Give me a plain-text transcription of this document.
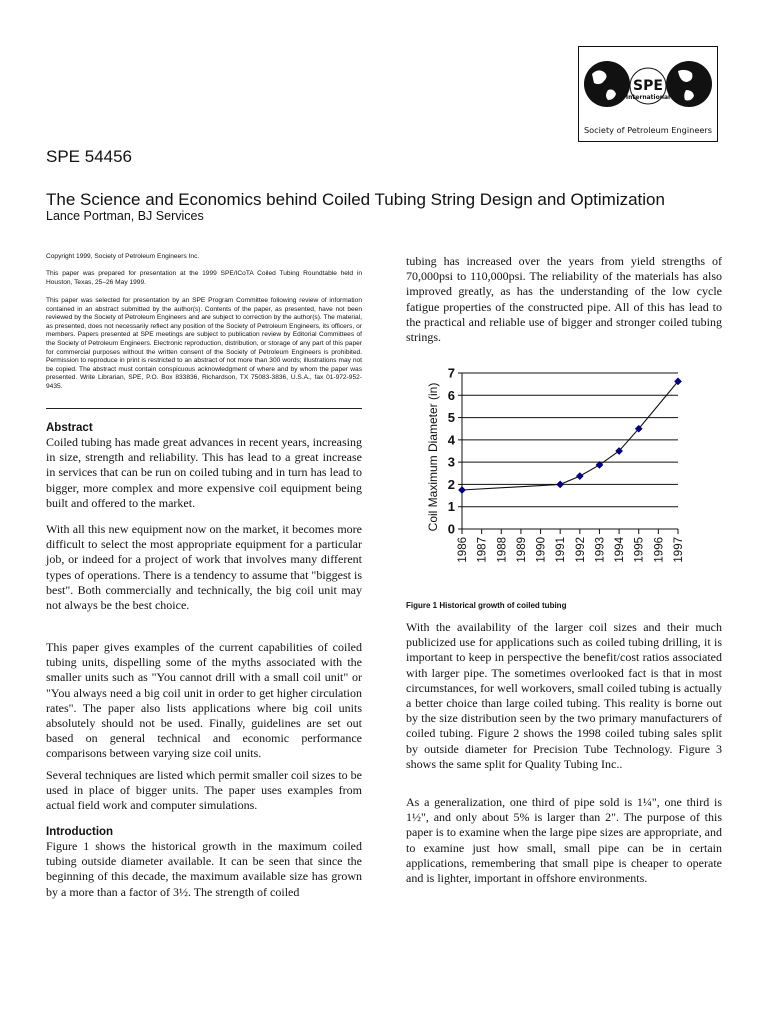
SPE
International
Society of Petroleum Engineers
SPE 54456
The Science and Economics behind Coiled Tubing String Design and Optimization
Lance Portman, BJ Services

Copyright 1999, Society of Petroleum Engineers Inc.

This paper was prepared for presentation at the 1999 SPE/ICoTA Coiled Tubing Roundtable held in Houston, Texas, 25–26 May 1999.

This paper was selected for presentation by an SPE Program Committee following review of information contained in an abstract submitted by the author(s). Contents of the paper, as presented, have not been reviewed by the Society of Petroleum Engineers and are subject to correction by the author(s). The material, as presented, does not necessarily reflect any position of the Society of Petroleum Engineers, its officers, or members. Papers presented at SPE meetings are subject to publication review by Editorial Committees of the Society of Petroleum Engineers. Electronic reproduction, distribution, or storage of any part of this paper for commercial purposes without the written consent of the Society of Petroleum Engineers is prohibited. Permission to reproduce in print is restricted to an abstract of not more than 300 words; illustrations may not be copied. The abstract must contain conspicuous acknowledgment of where and by whom the paper was presented. Write Librarian, SPE, P.O. Box 833836, Richardson, TX 75083-3836, U.S.A., fax 01-972-952-9435.

Abstract

Coiled tubing has made great advances in recent years, increasing in size, strength and reliability. This has lead to a great increase in services that can be run on coiled tubing and in turn has lead to bigger, more complex and more expensive coil equipment being built and offered to the market.

With all this new equipment now on the market, it becomes more difficult to select the most appropriate equipment for a particular job, or indeed for a project of work that involves many different types of operations. There is a tendency to assume that "biggest is best". Both commercially and technically, the big coil unit may not always be the best choice.

This paper gives examples of the current capabilities of coiled tubing units, dispelling some of the myths associated with the smaller units such as "You cannot drill with a small coil unit" or "You always need a big coil unit in order to get higher circulation rates". The paper also lists applications where big coil units absolutely should not be used. Finally, guidelines are set out based on general technical and economic performance comparisons between varying size coil units.

Several techniques are listed which permit smaller coil sizes to be used in place of bigger units. The paper uses examples from actual field work and computer simulations.

Introduction

Figure 1 shows the historical growth in the maximum coiled tubing outside diameter available. It can be seen that since the beginning of this decade, the maximum available size has grown by a more than a factor of 3½. The strength of coiled

tubing has increased over the years from yield strengths of 70,000psi to 110,000psi. The reliability of the materials has also improved greatly, as has the understanding of the low cycle fatigue properties of the constructed pipe. All of this has lead to the practical and reliable use of bigger and stronger coiled tubing strings.

0
1
2
3
4
5
6
7
1986 1987 1988 1989 1990 1991 1992 1993 1994 1995 1996 1997
Coil Maximum Diameter (in)
Figure 1 Historical growth of coiled tubing

With the availability of the larger coil sizes and their much publicized use for applications such as coiled tubing drilling, it is important to keep in perspective the benefit/cost ratios associated with larger pipe. The sometimes overlooked fact is that in most circumstances, for well workovers, small coiled tubing is actually a better choice than large coiled tubing. This reality is borne out by the size distribution seen by the two primary manufacturers of coiled tubing. Figure 2 shows the 1998 coiled tubing sales split by outside diameter for Precision Tube Technology. Figure 3 shows the same split for Quality Tubing Inc..

As a generalization, one third of pipe sold is 1¼", one third is 1½", and only about 5% is larger than 2". The purpose of this paper is to examine when the large pipe sizes are appropriate, and to examine just how small, small pipe can be in certain applications, remembering that small pipe is cheaper to operate and is lighter, important in offshore environments.
